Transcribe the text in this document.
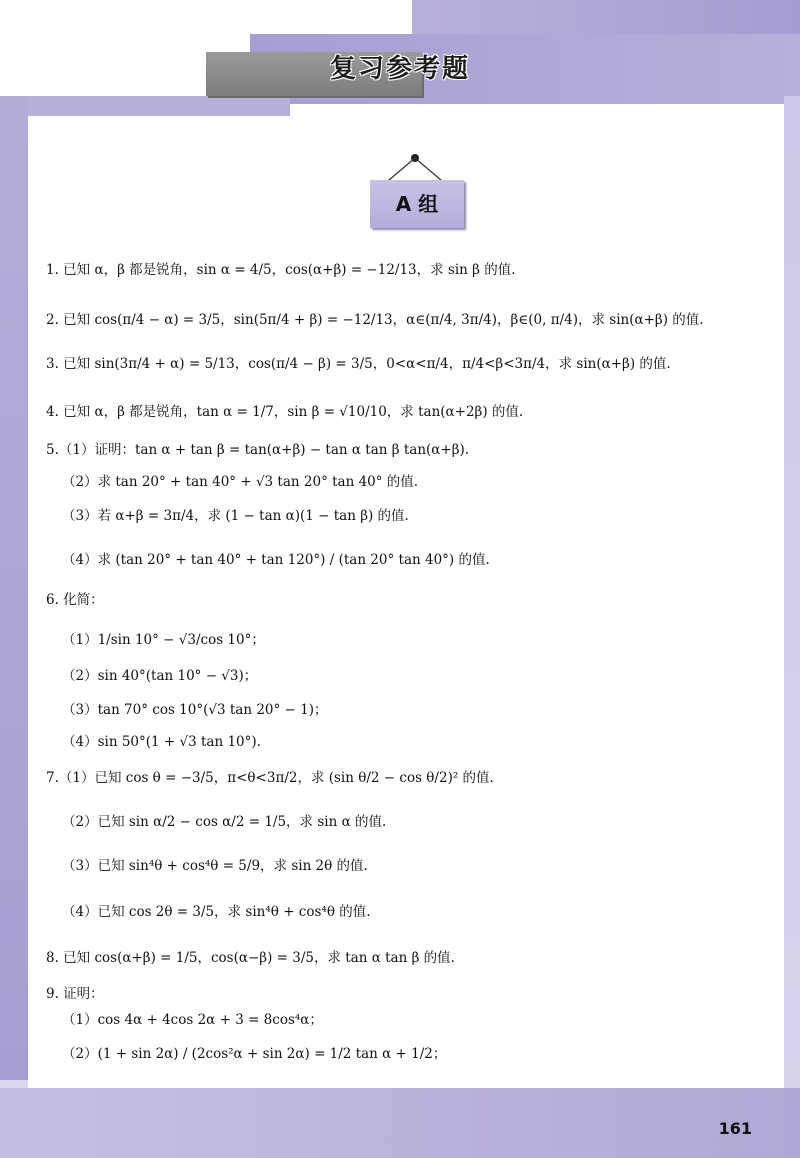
复习参考题
A 组
1. 已知 α，β 都是锐角，sin α = 4/5，cos(α+β) = −12/13，求 sin β 的值.
2. 已知 cos(π/4 − α) = 3/5，sin(5π/4 + β) = −12/13，α∈(π/4, 3π/4)，β∈(0, π/4)，求 sin(α+β) 的值.
3. 已知 sin(3π/4 + α) = 5/13，cos(π/4 − β) = 3/5，0<α<π/4，π/4<β<3π/4，求 sin(α+β) 的值.
4. 已知 α，β 都是锐角，tan α = 1/7，sin β = √10/10，求 tan(α+2β) 的值.
5.（1）证明：tan α + tan β = tan(α+β) − tan α tan β tan(α+β).
（2）求 tan 20° + tan 40° + √3 tan 20° tan 40° 的值.
（3）若 α+β = 3π/4，求 (1 − tan α)(1 − tan β) 的值.
（4）求 (tan 20° + tan 40° + tan 120°) / (tan 20° tan 40°) 的值.
6. 化简：
（1）1/sin 10° − √3/cos 10°；
（2）sin 40°(tan 10° − √3)；
（3）tan 70° cos 10°(√3 tan 20° − 1)；
（4）sin 50°(1 + √3 tan 10°).
7.（1）已知 cos θ = −3/5，π<θ<3π/2，求 (sin θ/2 − cos θ/2)² 的值.
（2）已知 sin α/2 − cos α/2 = 1/5，求 sin α 的值.
（3）已知 sin⁴θ + cos⁴θ = 5/9，求 sin 2θ 的值.
（4）已知 cos 2θ = 3/5，求 sin⁴θ + cos⁴θ 的值.
8. 已知 cos(α+β) = 1/5，cos(α−β) = 3/5，求 tan α tan β 的值.
9. 证明：
（1）cos 4α + 4cos 2α + 3 = 8cos⁴α；
（2）(1 + sin 2α) / (2cos²α + sin 2α) = 1/2 tan α + 1/2；
161
